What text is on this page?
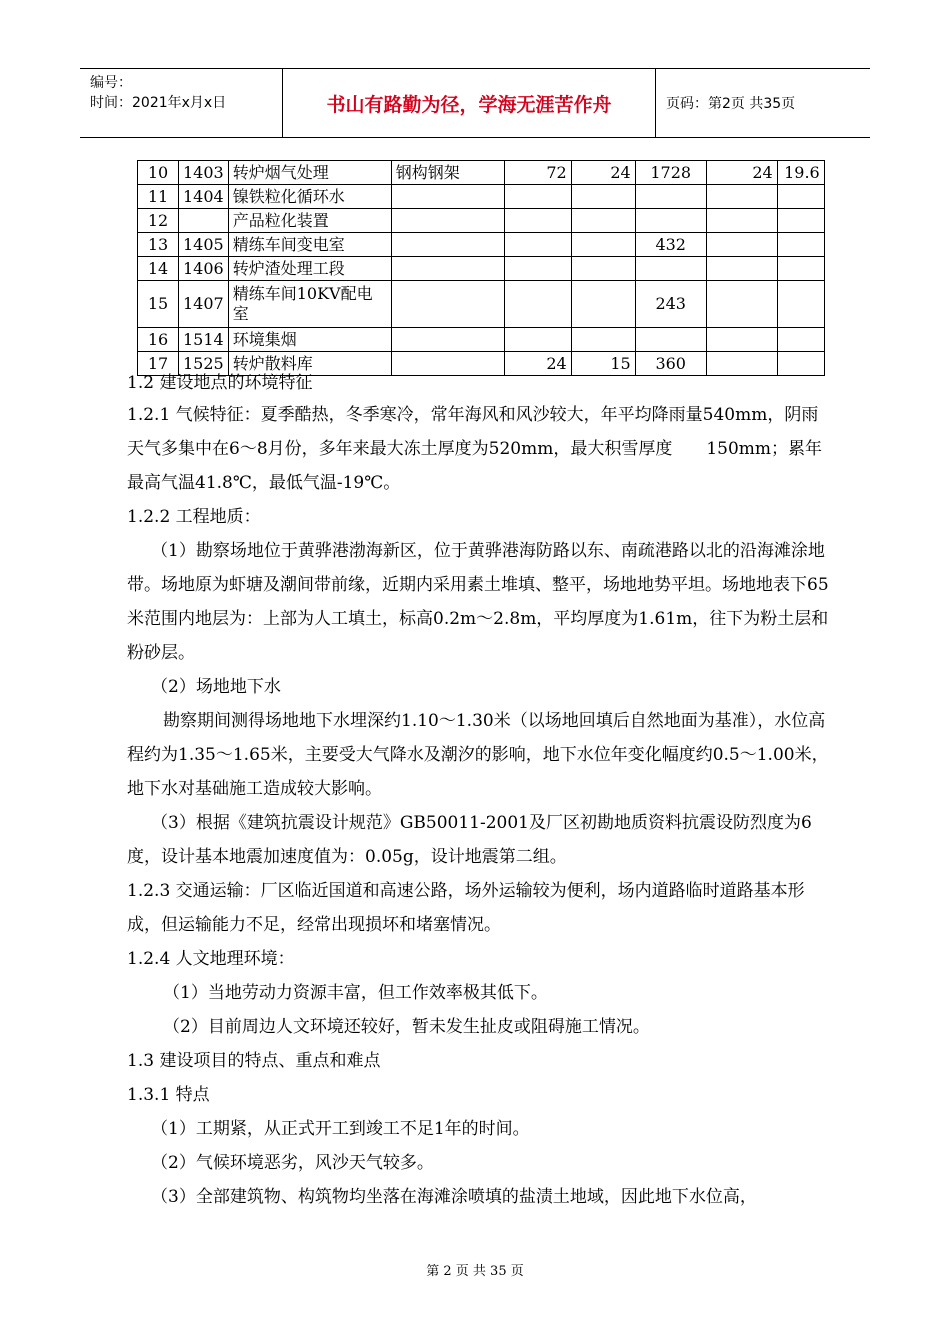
编号：
时间：2021年x月x日	书山有路勤为径，学海无涯苦作舟	页码：第2页 共35页
10	1403	转炉烟气处理	钢构钢架	72	24	1728	24	19.6
11	1404	镍铁粒化循环水						
12		产品粒化装置						
13	1405	精练车间变电室				432		
14	1406	转炉渣处理工段						
15	1407	精练车间10KV配电室				243		
16	1514	环境集烟						
17	1525	转炉散料库		24	15	360		

1.2 建设地点的环境特征

1.2.1 气候特征：夏季酷热，冬季寒冷，常年海风和风沙较大，年平均降雨量540mm，阴雨天气多集中在6～8月份，多年来最大冻土厚度为520mm，最大积雪厚度　　150mm；累年最高气温41.8℃，最低气温-19℃。

1.2.2 工程地质：

（1）勘察场地位于黄骅港渤海新区，位于黄骅港海防路以东、南疏港路以北的沿海滩涂地带。场地原为虾塘及潮间带前缘，近期内采用素土堆填、整平，场地地势平坦。场地地表下65米范围内地层为：上部为人工填土，标高0.2m～2.8m，平均厚度为1.61m，往下为粉土层和粉砂层。

（2）场地地下水

勘察期间测得场地地下水埋深约1.10～1.30米（以场地回填后自然地面为基准），水位高程约为1.35～1.65米，主要受大气降水及潮汐的影响，地下水位年变化幅度约0.5～1.00米，地下水对基础施工造成较大影响。

（3）根据《建筑抗震设计规范》GB50011-2001及厂区初勘地质资料抗震设防烈度为6度，设计基本地震加速度值为：0.05g，设计地震第二组。

1.2.3 交通运输：厂区临近国道和高速公路，场外运输较为便利，场内道路临时道路基本形成，但运输能力不足，经常出现损坏和堵塞情况。

1.2.4 人文地理环境：

（1）当地劳动力资源丰富，但工作效率极其低下。

（2）目前周边人文环境还较好，暂未发生扯皮或阻碍施工情况。

1.3 建设项目的特点、重点和难点

1.3.1 特点

（1）工期紧，从正式开工到竣工不足1年的时间。

（2）气候环境恶劣，风沙天气较多。

（3）全部建筑物、构筑物均坐落在海滩涂喷填的盐渍土地域，因此地下水位高，

第 2 页 共 35 页
